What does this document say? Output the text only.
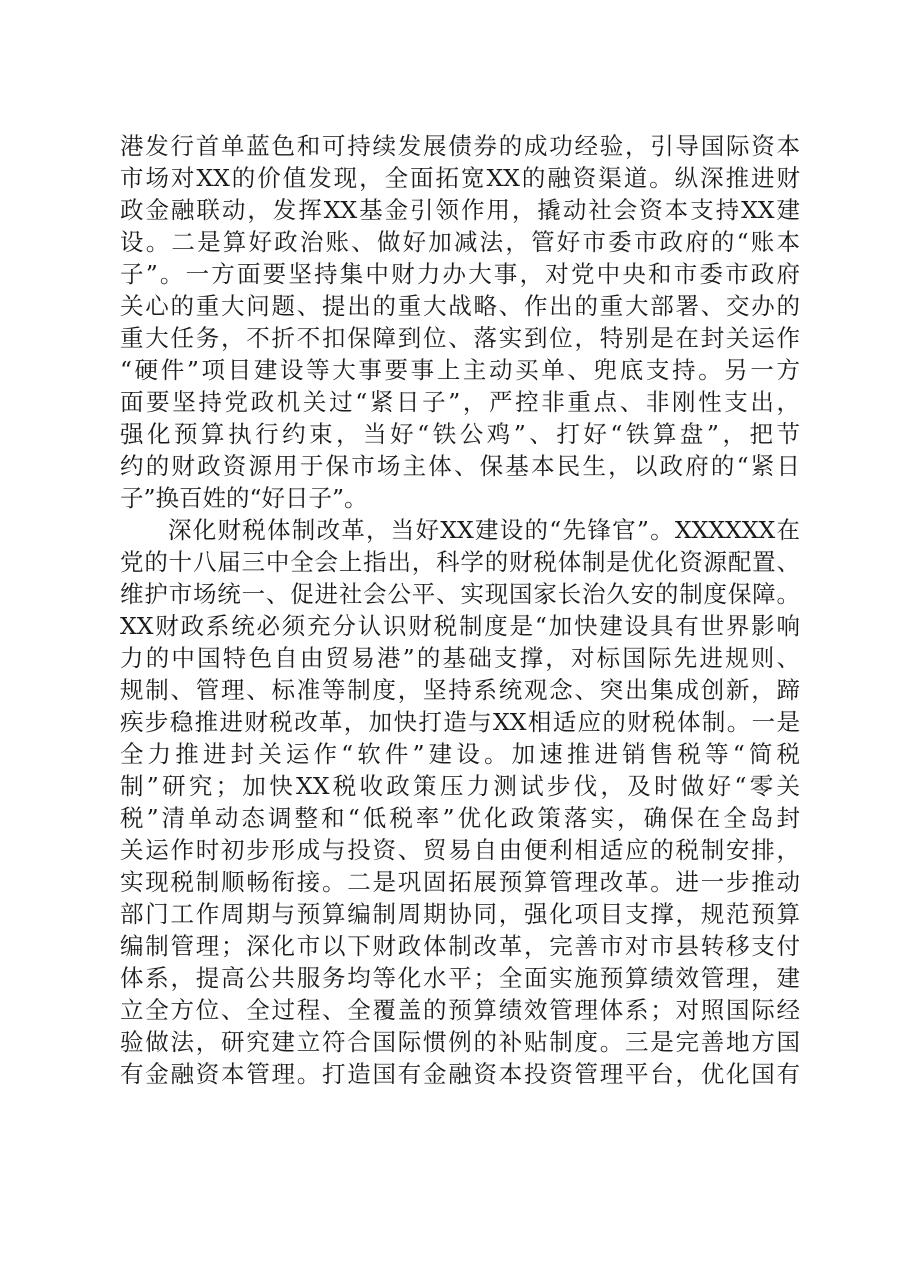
港发行首单蓝色和可持续发展债券的成功经验，引导国际资本
市场对XX的价值发现，全面拓宽XX的融资渠道。纵深推进财
政金融联动，发挥XX基金引领作用，撬动社会资本支持XX建
设。二是算好政治账、做好加减法，管好市委市政府的“账本
子”。一方面要坚持集中财力办大事，对党中央和市委市政府
关心的重大问题、提出的重大战略、作出的重大部署、交办的
重大任务，不折不扣保障到位、落实到位，特别是在封关运作
“硬件”项目建设等大事要事上主动买单、兜底支持。另一方
面要坚持党政机关过“紧日子”，严控非重点、非刚性支出，
强化预算执行约束，当好“铁公鸡”、打好“铁算盘”，把节
约的财政资源用于保市场主体、保基本民生，以政府的“紧日
子”换百姓的“好日子”。
深化财税体制改革，当好XX建设的“先锋官”。XXXXXX在
党的十八届三中全会上指出，科学的财税体制是优化资源配置、
维护市场统一、促进社会公平、实现国家长治久安的制度保障。
XX财政系统必须充分认识财税制度是“加快建设具有世界影响
力的中国特色自由贸易港”的基础支撑，对标国际先进规则、
规制、管理、标准等制度，坚持系统观念、突出集成创新，蹄
疾步稳推进财税改革，加快打造与XX相适应的财税体制。一是
全力推进封关运作“软件”建设。加速推进销售税等“简税
制”研究；加快XX税收政策压力测试步伐，及时做好“零关
税”清单动态调整和“低税率”优化政策落实，确保在全岛封
关运作时初步形成与投资、贸易自由便利相适应的税制安排，
实现税制顺畅衔接。二是巩固拓展预算管理改革。进一步推动
部门工作周期与预算编制周期协同，强化项目支撑，规范预算
编制管理；深化市以下财政体制改革，完善市对市县转移支付
体系，提高公共服务均等化水平；全面实施预算绩效管理，建
立全方位、全过程、全覆盖的预算绩效管理体系；对照国际经
验做法，研究建立符合国际惯例的补贴制度。三是完善地方国
有金融资本管理。打造国有金融资本投资管理平台，优化国有
